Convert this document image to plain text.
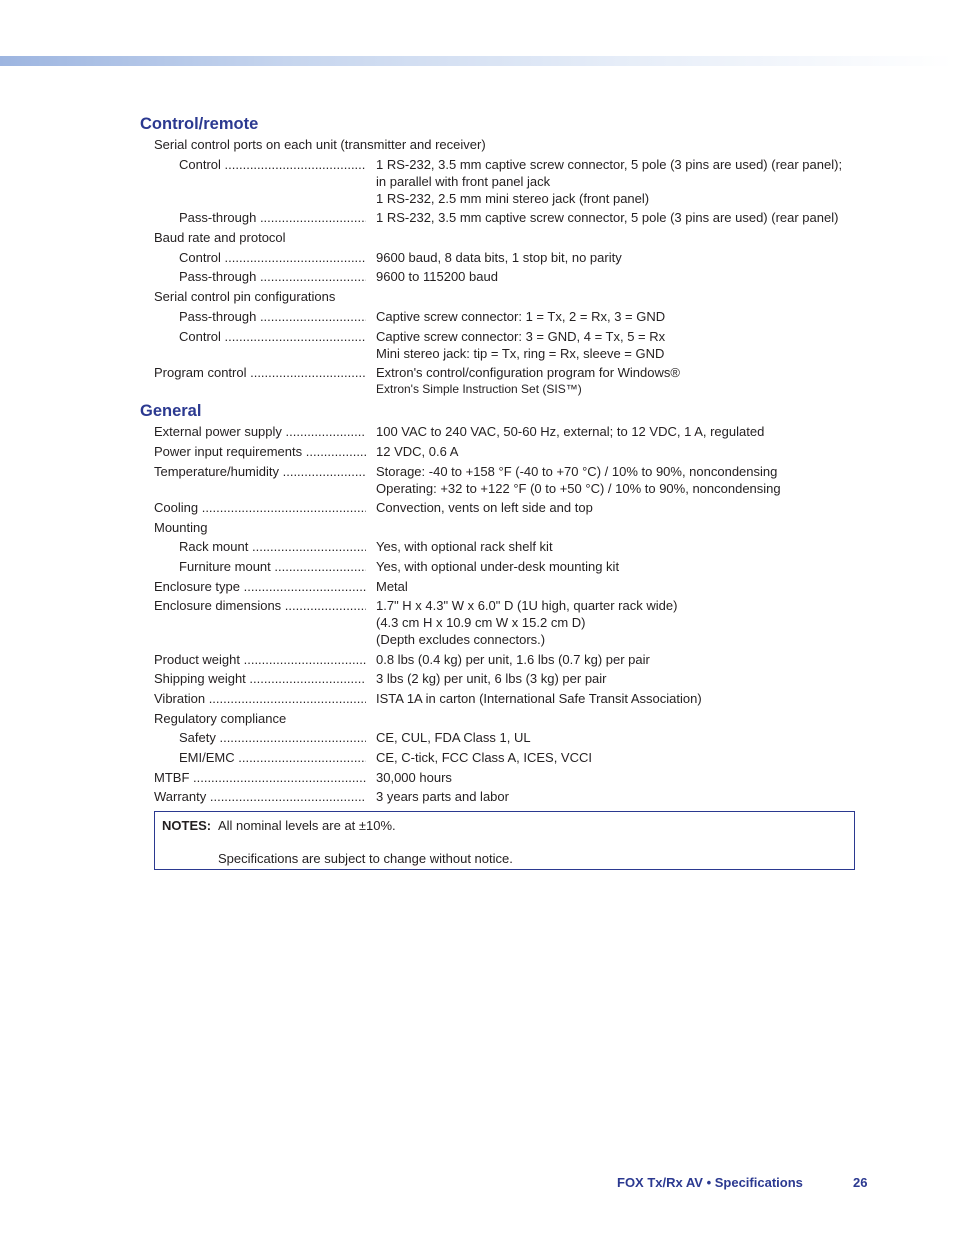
Control/remote
Serial control ports on each unit (transmitter and receiver)
Control .....	1 RS-232, 3.5 mm captive screw connector, 5 pole (3 pins are used) (rear panel);
in parallel with front panel jack
1 RS-232, 2.5 mm mini stereo jack (front panel)
Pass-through .....	1 RS-232, 3.5 mm captive screw connector, 5 pole (3 pins are used) (rear panel)
Baud rate and protocol
Control .....	9600 baud, 8 data bits, 1 stop bit, no parity
Pass-through .....	9600 to 115200 baud
Serial control pin configurations
Pass-through .....	Captive screw connector: 1 = Tx, 2 = Rx, 3 = GND
Control .....	Captive screw connector: 3 = GND, 4 = Tx, 5 = Rx
Mini stereo jack: tip = Tx, ring = Rx, sleeve = GND
Program control .....	Extron's control/configuration program for Windows®
Extron's Simple Instruction Set (SIS™)
General
External power supply .....	100 VAC to 240 VAC, 50-60 Hz, external; to 12 VDC, 1 A, regulated
Power input requirements .....	12 VDC, 0.6 A
Temperature/humidity .....	Storage: -40 to +158 °F (-40 to +70 °C) / 10% to 90%, noncondensing
Operating: +32 to +122 °F (0 to +50 °C) / 10% to 90%, noncondensing
Cooling .....	Convection, vents on left side and top
Mounting
Rack mount .....	Yes, with optional rack shelf kit
Furniture mount .....	Yes, with optional under-desk mounting kit
Enclosure type .....	Metal
Enclosure dimensions .....	1.7" H x 4.3" W x 6.0" D (1U high, quarter rack wide)
(4.3 cm H x 10.9 cm W x 15.2 cm D)
(Depth excludes connectors.)
Product weight .....	0.8 lbs (0.4 kg) per unit, 1.6 lbs (0.7 kg) per pair
Shipping weight .....	3 lbs (2 kg) per unit, 6 lbs (3 kg) per pair
Vibration .....	ISTA 1A in carton (International Safe Transit Association)
Regulatory compliance
Safety .....	CE, CUL, FDA Class 1, UL
EMI/EMC .....	CE, C-tick, FCC Class A, ICES, VCCI
MTBF .....	30,000 hours
Warranty .....	3 years parts and labor
NOTES: All nominal levels are at ±10%.
Specifications are subject to change without notice.
FOX Tx/Rx AV • Specifications	26
